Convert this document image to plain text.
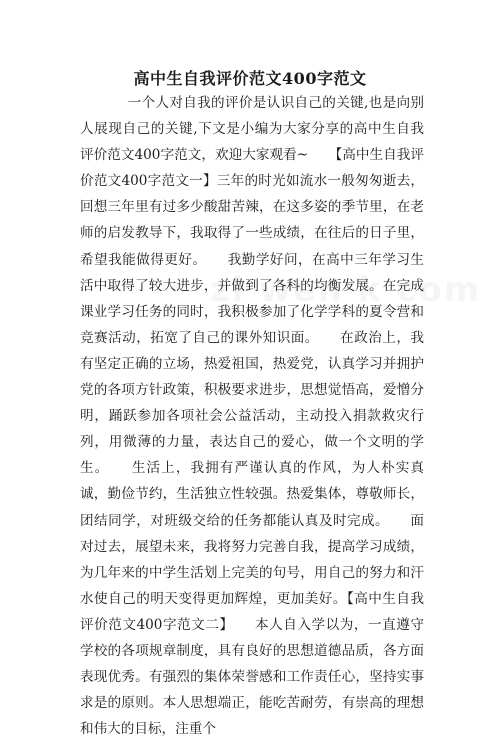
高中生自我评价范文400字范文
一个人对自我的评价是认识自己的关键,也是向别人展现自己的关键,下文是小编为大家分享的高中生自我评价范文400字范文，欢迎大家观看~　　【高中生自我评价范文400字范文一】三年的时光如流水一般匆匆逝去，回想三年里有过多少酸甜苦辣，在这多姿的季节里，在老师的启发教导下，我取得了一些成绩，在往后的日子里，希望我能做得更好。　　我勤学好问，在高中三年学习生活中取得了较大进步，并做到了各科的均衡发展。在完成课业学习任务的同时，我积极参加了化学学科的夏令营和竞赛活动，拓宽了自己的课外知识面。　　在政治上，我有坚定正确的立场，热爱祖国，热爱党，认真学习并拥护党的各项方针政策，积极要求进步，思想觉悟高，爱憎分明，踊跃参加各项社会公益活动，主动投入捐款救灾行列，用微薄的力量，表达自己的爱心，做一个文明的学生。　　生活上，我拥有严谨认真的作风，为人朴实真诚，勤俭节约，生活独立性较强。热爱集体，尊敬师长，团结同学，对班级交给的任务都能认真及时完成。　　面对过去，展望未来，我将努力完善自我，提高学习成绩，为几年来的中学生活划上完美的句号，用自己的努力和汗水使自己的明天变得更加辉煌，更加美好。【高中生自我评价范文400字范文二】　　本人自入学以为，一直遵守学校的各项规章制度，具有良好的思想道德品质，各方面表现优秀。有强烈的集体荣誉感和工作责任心，坚持实事求是的原则。本人思想端正，能吃苦耐劳，有崇高的理想和伟大的目标，注重个
